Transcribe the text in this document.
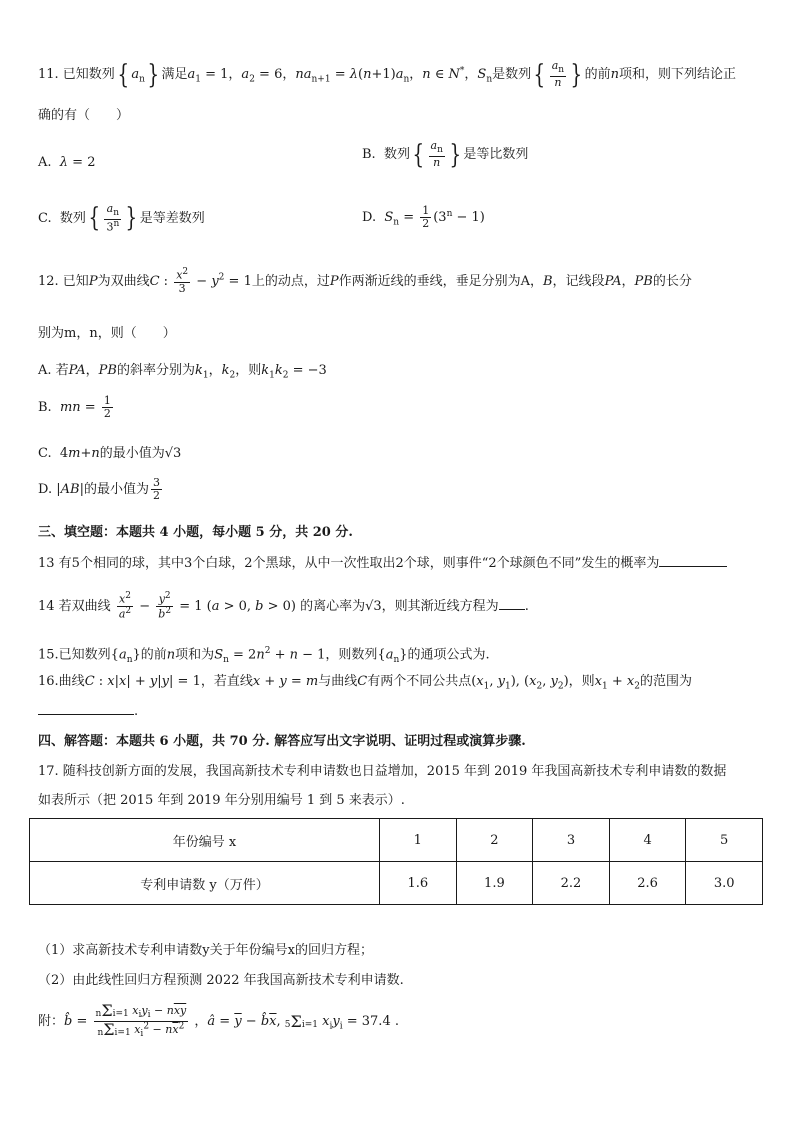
11. 已知数列{ $a_n$} 满足$a_1 = 1$，$a_2 = 6$，$na_{n+1} = \lambda(n+1)a_n$，n ∈ N*，$S_n$是数列{ $\frac{a_n}{n}$ } 的前n项和，则下列结论正
确的有（　　）
A.  λ = 2
B.  数列{ $\frac{a_n}{n}$ } 是等比数列
C.  数列{ $\frac{a_n}{3^n}$ } 是等差数列	D.  $S_n = \frac{1}{2} (3^n - 1)$
12. 已知P为双曲线C : $\frac{x^2}{3} - y^2 = 1$上的动点，过P作两渐近线的垂线，垂足分别为A，B，记线段PA，PB的长分
别为m，n，则（　　）
A. 若PA，PB的斜率分别为$k_1$，$k_2$，则$k_1k_2 = -3$
B.  mn = $\frac{1}{2}$
C.  4m+n的最小值为√3
D. |AB|的最小值为 $\frac{3}{2}$
三、填空题：本题共 4 小题，每小题 5 分，共 20 分.
13 有5个相同的球，其中3个白球，2个黑球，从中一次性取出2个球，则事件“2个球颜色不同”发生的概率为
14 若双曲线 $\frac{x^2}{a^2} - \frac{y^2}{b^2} = 1$ (a > 0, b > 0) 的离心率为√3，则其渐近线方程为 .
15.已知数列$\{a_n\}$的前n项和为$S_n = 2n^2 + n - 1$，则数列$\{a_n\}$的通项公式为.
16.曲线C : x|x| + y|y| = 1，若直线x + y = m与曲线C有两个不同公共点($x_1$, $y_1$), ($x_2$, $y_2$)，则$x_1 + x_2$的范围为
.
四、解答题：本题共 6 小题，共 70 分. 解答应写出文字说明、证明过程或演算步骤.
17. 随科技创新方面的发展，我国高新技术专利申请数也日益增加，2015 年到 2019 年我国高新技术专利申请数的数据
如表所示（把 2015 年到 2019 年分别用编号 1 到 5 来表示）.
年份编号 x	1	2	3	4	5
专利申请数 y（万件）	1.6	1.9	2.2	2.6	3.0
（1）求高新技术专利申请数y关于年份编号x的回归方程；
（2）由此线性回归方程预测 2022 年我国高新技术专利申请数.
附：b̂ =
nΣi=1 $x_iy_i - n\overline{xy}$
nΣi=1 $x_i^2 - n\overline{x}^2$ ，â = $\overline{y}$ − $b̂\overline{x}$, 5Σi=1 $x_iy_i = 37.4$ .
